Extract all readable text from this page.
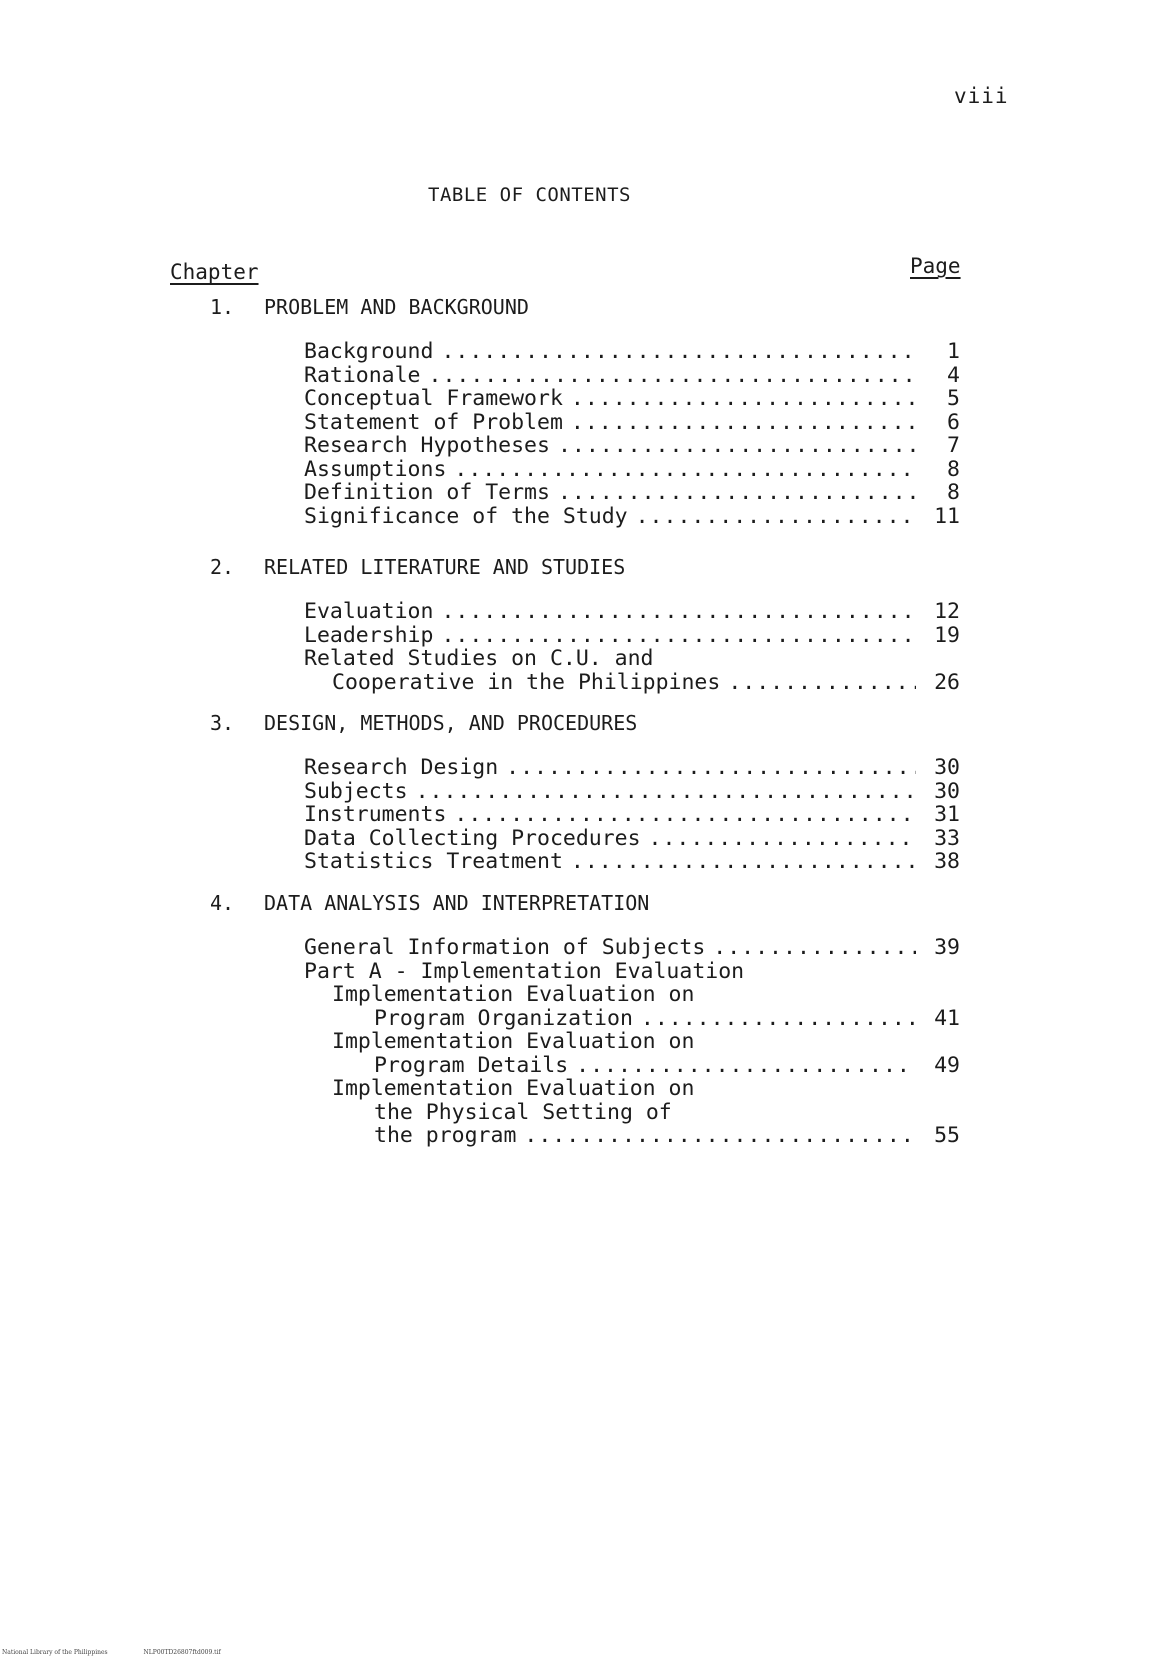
viii
TABLE OF CONTENTS
Chapter	Page
1.	PROBLEM AND BACKGROUND
Background .....	1
Rationale .....	4
Conceptual Framework .....	5
Statement of Problem .....	6
Research Hypotheses .....	7
Assumptions .....	8
Definition of Terms .....	8
Significance of the Study .....	11
2.	RELATED LITERATURE AND STUDIES
Evaluation .....	12
Leadership .....	19
Related Studies on C.U. and
Cooperative in the Philippines .....	26
3.	DESIGN, METHODS, AND PROCEDURES
Research Design .....	30
Subjects .....	30
Instruments .....	31
Data Collecting Procedures .....	33
Statistics Treatment .....	38
4.	DATA ANALYSIS AND INTERPRETATION
General Information of Subjects .....	39
Part A - Implementation Evaluation
Implementation Evaluation on
Program Organization .....	41
Implementation Evaluation on
Program Details .....	49
Implementation Evaluation on
the Physical Setting of
the program .....	55
National Library of the Philippines	NLP00TD26807ftd009.tif
